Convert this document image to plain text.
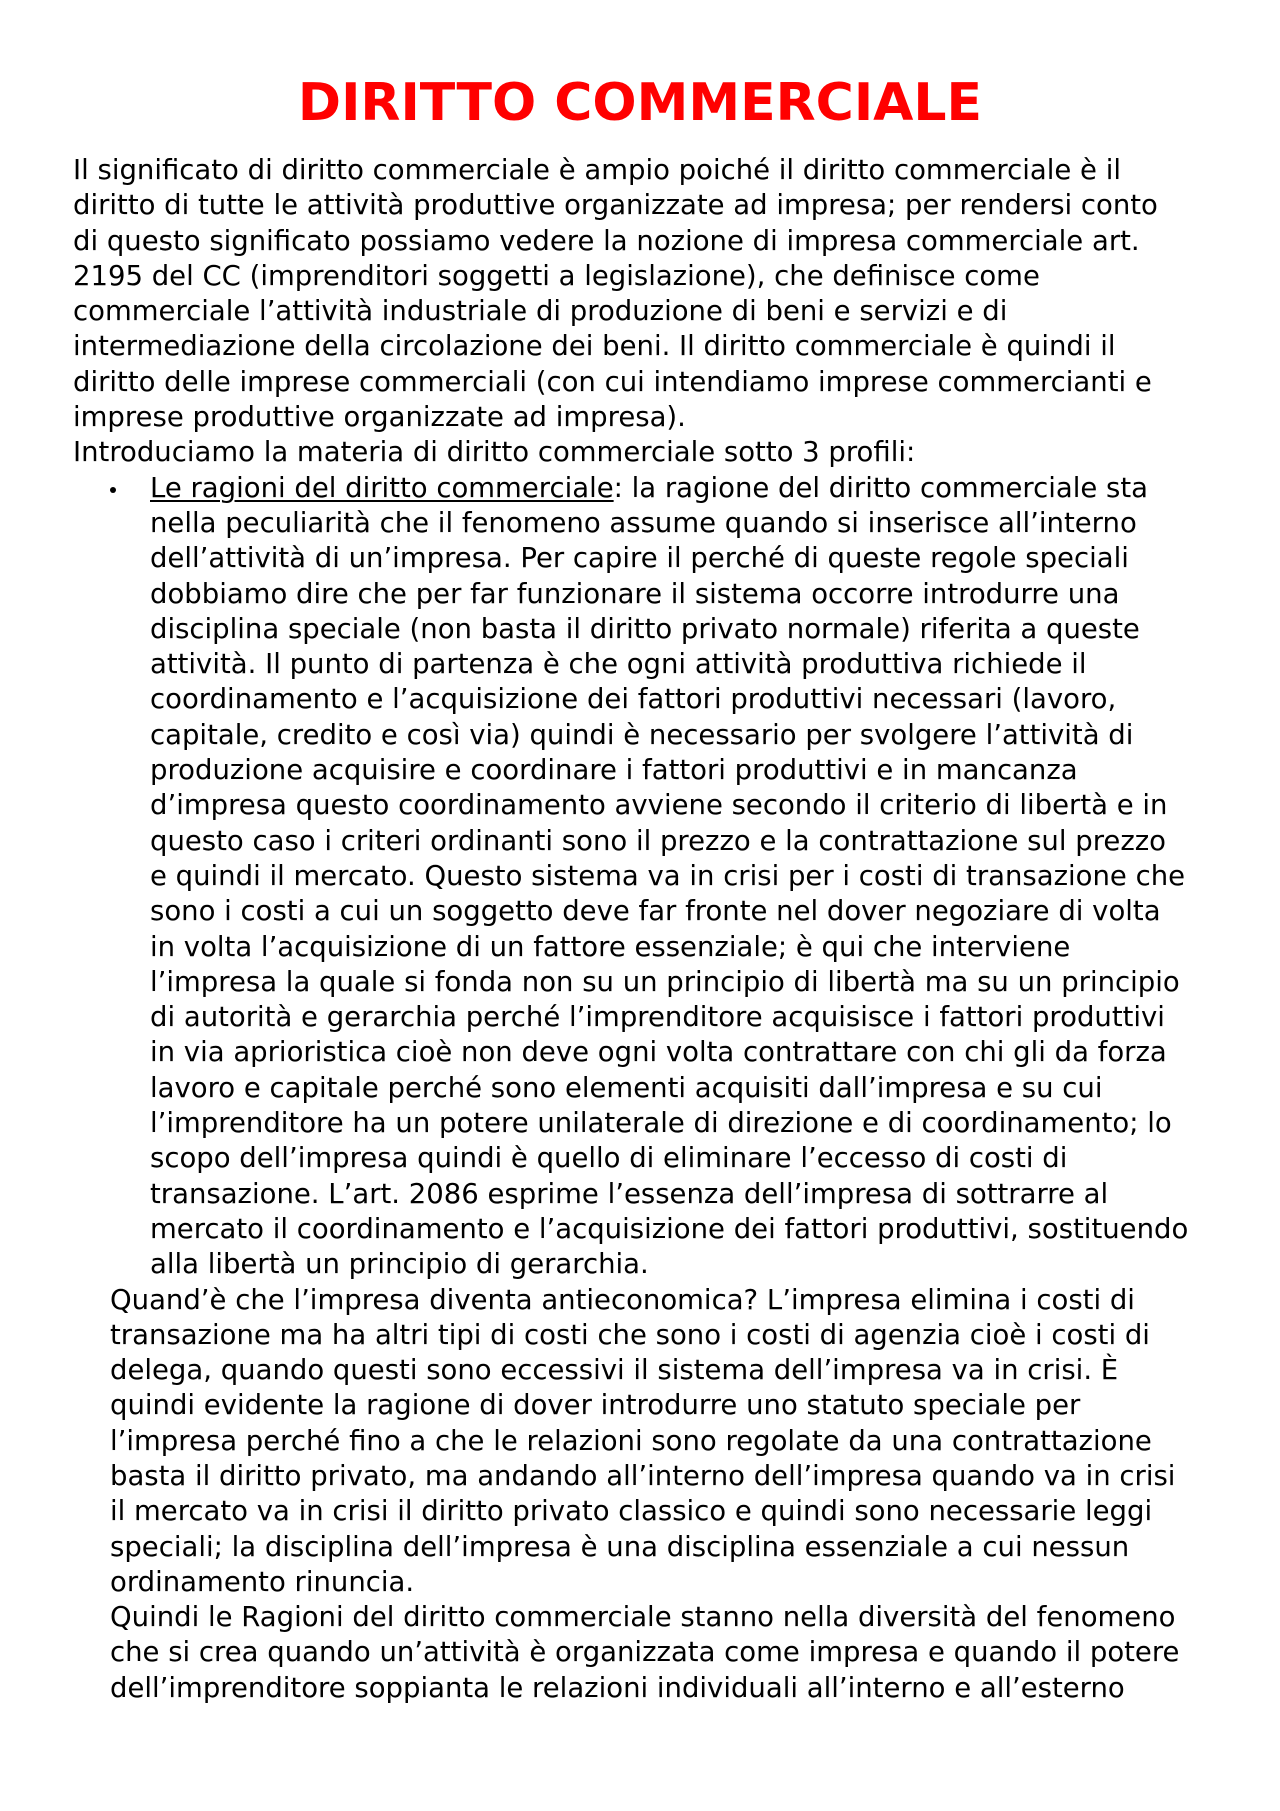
DIRITTO COMMERCIALE
Il significato di diritto commerciale è ampio poiché il diritto commerciale è il
diritto di tutte le attività produttive organizzate ad impresa; per rendersi conto
di questo significato possiamo vedere la nozione di impresa commerciale art.
2195 del CC (imprenditori soggetti a legislazione), che definisce come
commerciale l’attività industriale di produzione di beni e servizi e di
intermediazione della circolazione dei beni. Il diritto commerciale è quindi il
diritto delle imprese commerciali (con cui intendiamo imprese commercianti e
imprese produttive organizzate ad impresa).
Introduciamo la materia di diritto commerciale sotto 3 profili:
Le ragioni del diritto commerciale: la ragione del diritto commerciale sta
nella peculiarità che il fenomeno assume quando si inserisce all’interno
dell’attività di un’impresa. Per capire il perché di queste regole speciali
dobbiamo dire che per far funzionare il sistema occorre introdurre una
disciplina speciale (non basta il diritto privato normale) riferita a queste
attività. Il punto di partenza è che ogni attività produttiva richiede il
coordinamento e l’acquisizione dei fattori produttivi necessari (lavoro,
capitale, credito e così via) quindi è necessario per svolgere l’attività di
produzione acquisire e coordinare i fattori produttivi e in mancanza
d’impresa questo coordinamento avviene secondo il criterio di libertà e in
questo caso i criteri ordinanti sono il prezzo e la contrattazione sul prezzo
e quindi il mercato. Questo sistema va in crisi per i costi di transazione che
sono i costi a cui un soggetto deve far fronte nel dover negoziare di volta
in volta l’acquisizione di un fattore essenziale; è qui che interviene
l’impresa la quale si fonda non su un principio di libertà ma su un principio
di autorità e gerarchia perché l’imprenditore acquisisce i fattori produttivi
in via aprioristica cioè non deve ogni volta contrattare con chi gli da forza
lavoro e capitale perché sono elementi acquisiti dall’impresa e su cui
l’imprenditore ha un potere unilaterale di direzione e di coordinamento; lo
scopo dell’impresa quindi è quello di eliminare l’eccesso di costi di
transazione. L’art. 2086 esprime l’essenza dell’impresa di sottrarre al
mercato il coordinamento e l’acquisizione dei fattori produttivi, sostituendo
alla libertà un principio di gerarchia.
Quand’è che l’impresa diventa antieconomica? L’impresa elimina i costi di
transazione ma ha altri tipi di costi che sono i costi di agenzia cioè i costi di
delega, quando questi sono eccessivi il sistema dell’impresa va in crisi. È
quindi evidente la ragione di dover introdurre uno statuto speciale per
l’impresa perché fino a che le relazioni sono regolate da una contrattazione
basta il diritto privato, ma andando all’interno dell’impresa quando va in crisi
il mercato va in crisi il diritto privato classico e quindi sono necessarie leggi
speciali; la disciplina dell’impresa è una disciplina essenziale a cui nessun
ordinamento rinuncia.
Quindi le Ragioni del diritto commerciale stanno nella diversità del fenomeno
che si crea quando un’attività è organizzata come impresa e quando il potere
dell’imprenditore soppianta le relazioni individuali all’interno e all’esterno
